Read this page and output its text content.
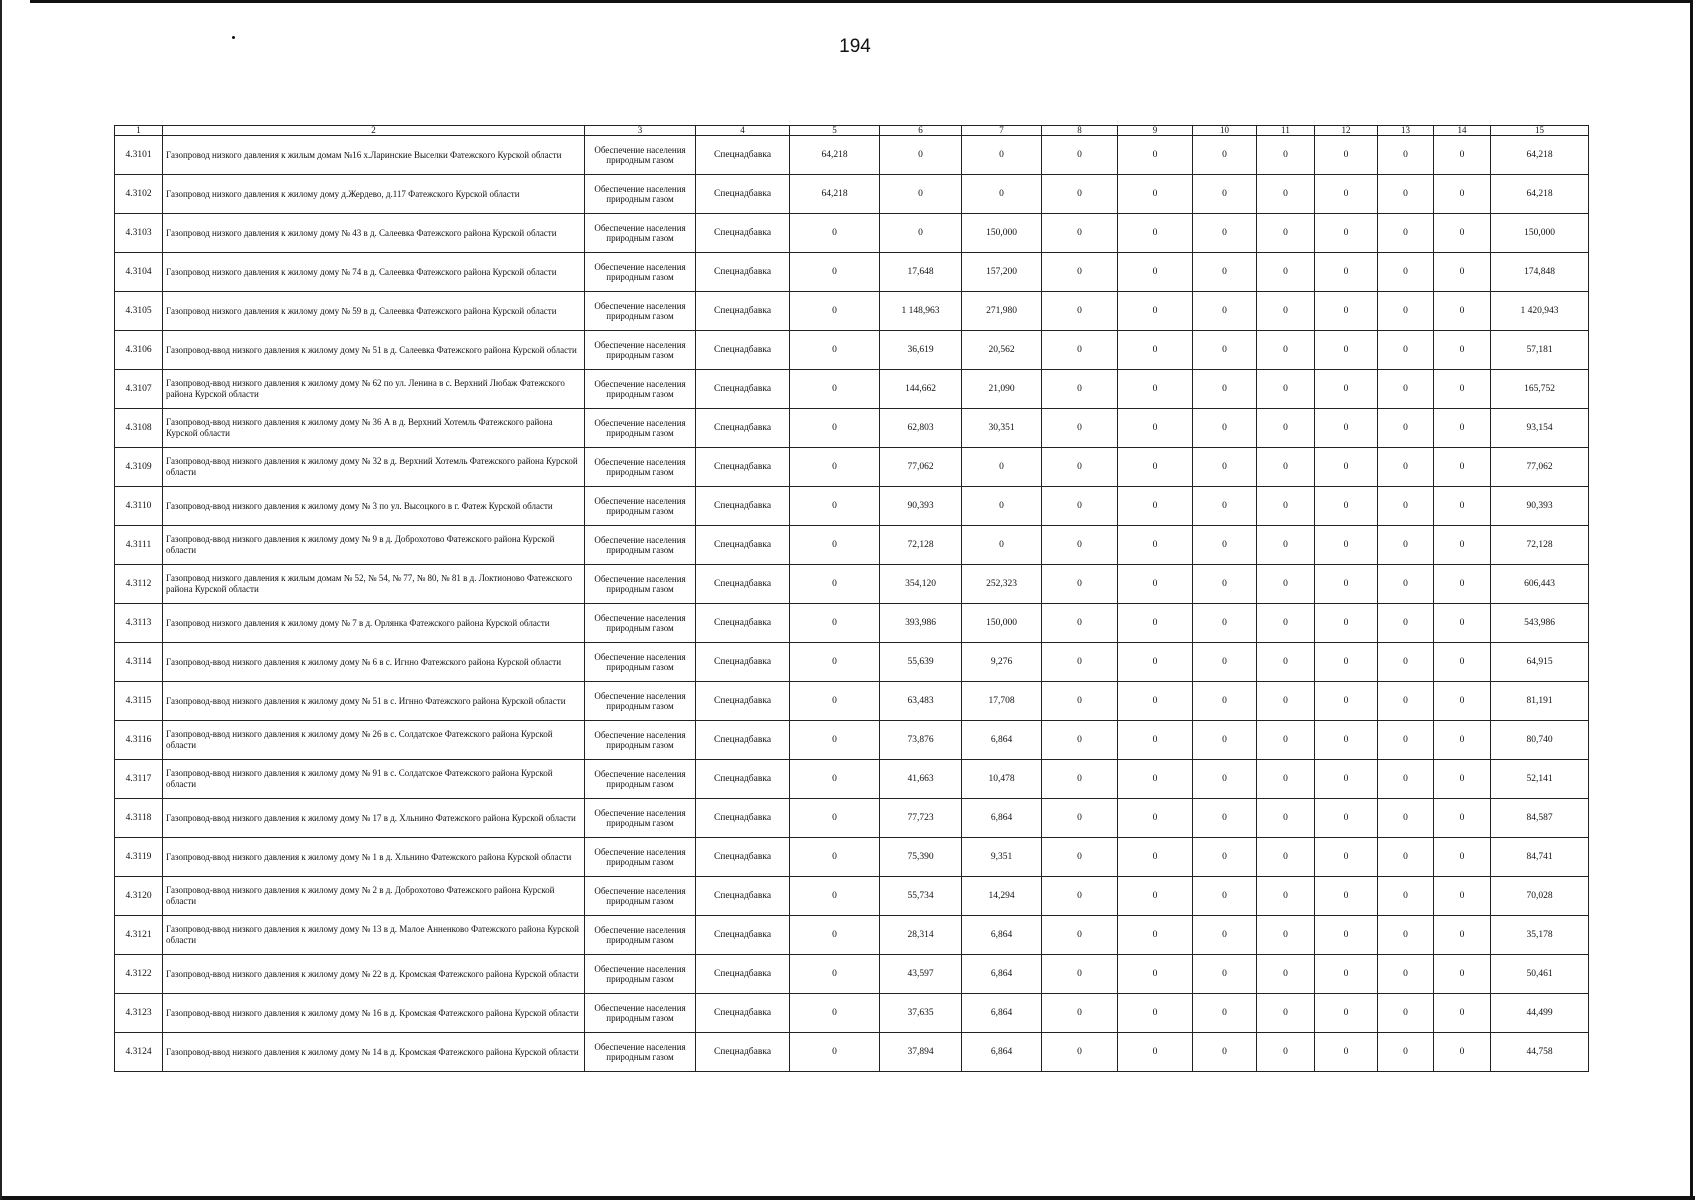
194
1	2	3	4	5	6	7	8	9	10	11	12	13	14	15
4.3101	Газопровод низкого давления к жилым домам №16 х.Ларинские Выселки Фатежского Курской области	Обеспечение населения природным газом	Спецнадбавка	64,218	0	0	0	0	0	0	0	0	0	64,218
4.3102	Газопровод низкого давления к жилому дому д.Жердево, д.117 Фатежского Курской области	Обеспечение населения природным газом	Спецнадбавка	64,218	0	0	0	0	0	0	0	0	0	64,218
4.3103	Газопровод низкого давления к жилому дому № 43 в д. Салеевка Фатежского района Курской области	Обеспечение населения природным газом	Спецнадбавка	0	0	150,000	0	0	0	0	0	0	0	150,000
4.3104	Газопровод низкого давления к жилому дому № 74 в д. Салеевка Фатежского района Курской области	Обеспечение населения природным газом	Спецнадбавка	0	17,648	157,200	0	0	0	0	0	0	0	174,848
4.3105	Газопровод низкого давления к жилому дому № 59 в д. Салеевка Фатежского района Курской области	Обеспечение населения природным газом	Спецнадбавка	0	1 148,963	271,980	0	0	0	0	0	0	0	1 420,943
4.3106	Газопровод-ввод низкого давления к жилому дому № 51 в д. Салеевка Фатежского района Курской области	Обеспечение населения природным газом	Спецнадбавка	0	36,619	20,562	0	0	0	0	0	0	0	57,181
4.3107	Газопровод-ввод низкого давления к жилому дому № 62 по ул. Ленина в с. Верхний Любаж Фатежского района Курской области	Обеспечение населения природным газом	Спецнадбавка	0	144,662	21,090	0	0	0	0	0	0	0	165,752
4.3108	Газопровод-ввод низкого давления к жилому дому № 36 А в д. Верхний Хотемль Фатежского района Курской области	Обеспечение населения природным газом	Спецнадбавка	0	62,803	30,351	0	0	0	0	0	0	0	93,154
4.3109	Газопровод-ввод низкого давления к жилому дому № 32 в д. Верхний Хотемль Фатежского района Курской области	Обеспечение населения природным газом	Спецнадбавка	0	77,062	0	0	0	0	0	0	0	0	77,062
4.3110	Газопровод-ввод низкого давления к жилому дому № 3 по ул. Высоцкого в г. Фатеж Курской области	Обеспечение населения природным газом	Спецнадбавка	0	90,393	0	0	0	0	0	0	0	0	90,393
4.3111	Газопровод-ввод низкого давления к жилому дому № 9 в д. Доброхотово Фатежского района Курской области	Обеспечение населения природным газом	Спецнадбавка	0	72,128	0	0	0	0	0	0	0	0	72,128
4.3112	Газопровод низкого давления к жилым домам № 52, № 54, № 77, № 80, № 81 в д. Локтионово Фатежского района Курской области	Обеспечение населения природным газом	Спецнадбавка	0	354,120	252,323	0	0	0	0	0	0	0	606,443
4.3113	Газопровод низкого давления к жилому дому № 7 в д. Орлянка Фатежского района Курской области	Обеспечение населения природным газом	Спецнадбавка	0	393,986	150,000	0	0	0	0	0	0	0	543,986
4.3114	Газопровод-ввод низкого давления к жилому дому № 6 в с. Игнно Фатежского района Курской области	Обеспечение населения природным газом	Спецнадбавка	0	55,639	9,276	0	0	0	0	0	0	0	64,915
4.3115	Газопровод-ввод низкого давления к жилому дому № 51 в с. Игнно Фатежского района Курской области	Обеспечение населения природным газом	Спецнадбавка	0	63,483	17,708	0	0	0	0	0	0	0	81,191
4.3116	Газопровод-ввод низкого давления к жилому дому № 26 в с. Солдатское Фатежского района Курской области	Обеспечение населения природным газом	Спецнадбавка	0	73,876	6,864	0	0	0	0	0	0	0	80,740
4.3117	Газопровод-ввод низкого давления к жилому дому № 91 в с. Солдатское Фатежского района Курской области	Обеспечение населения природным газом	Спецнадбавка	0	41,663	10,478	0	0	0	0	0	0	0	52,141
4.3118	Газопровод-ввод низкого давления к жилому дому № 17 в д. Хльнино Фатежского района Курской области	Обеспечение населения природным газом	Спецнадбавка	0	77,723	6,864	0	0	0	0	0	0	0	84,587
4.3119	Газопровод-ввод низкого давления к жилому дому № 1 в д. Хльнино Фатежского района Курской области	Обеспечение населения природным газом	Спецнадбавка	0	75,390	9,351	0	0	0	0	0	0	0	84,741
4.3120	Газопровод-ввод низкого давления к жилому дому № 2 в д. Доброхотово Фатежского района Курской области	Обеспечение населения природным газом	Спецнадбавка	0	55,734	14,294	0	0	0	0	0	0	0	70,028
4.3121	Газопровод-ввод низкого давления к жилому дому № 13 в д. Малое Анненково Фатежского района Курской области	Обеспечение населения природным газом	Спецнадбавка	0	28,314	6,864	0	0	0	0	0	0	0	35,178
4.3122	Газопровод-ввод низкого давления к жилому дому № 22 в д. Кромская Фатежского района Курской области	Обеспечение населения природным газом	Спецнадбавка	0	43,597	6,864	0	0	0	0	0	0	0	50,461
4.3123	Газопровод-ввод низкого давления к жилому дому № 16 в д. Кромская Фатежского района Курской области	Обеспечение населения природным газом	Спецнадбавка	0	37,635	6,864	0	0	0	0	0	0	0	44,499
4.3124	Газопровод-ввод низкого давления к жилому дому № 14 в д. Кромская Фатежского района Курской области	Обеспечение населения природным газом	Спецнадбавка	0	37,894	6,864	0	0	0	0	0	0	0	44,758
